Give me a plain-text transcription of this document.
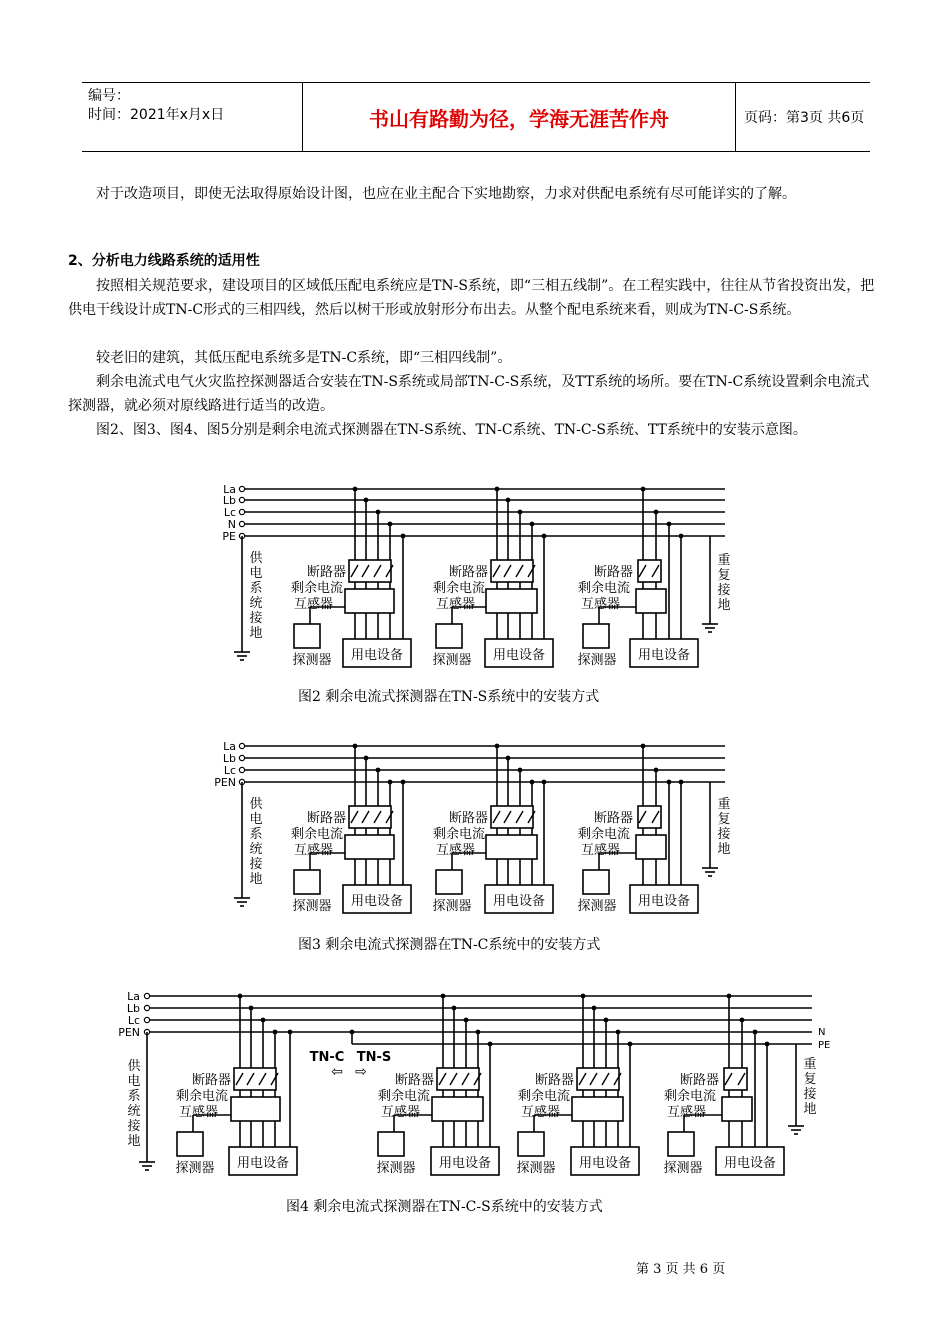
编号：
时间：2021年x月x日	书山有路勤为径，学海无涯苦作舟	页码：第3页 共6页
对于改造项目，即使无法取得原始设计图，也应在业主配合下实地勘察，力求对供配电系统有尽可能详实的了解。
2、分析电力线路系统的适用性
按照相关规范要求，建设项目的区域低压配电系统应是TN-S系统，即“三相五线制”。在工程实践中，往往从节省投资出发，把供电干线设计成TN-C形式的三相四线，然后以树干形或放射形分布出去。从整个配电系统来看，则成为TN-C-S系统。
较老旧的建筑，其低压配电系统多是TN-C系统，即“三相四线制”。
剩余电流式电气火灾监控探测器适合安装在TN-S系统或局部TN-C-S系统，及TT系统的场所。要在TN-C系统设置剩余电流式探测器，就必须对原线路进行适当的改造。
图2、图3、图4、图5分别是剩余电流式探测器在TN-S系统、TN-C系统、TN-C-S系统、TT系统中的安装示意图。
La
Lb
Lc
N
PE
供
电
系
统
接
地
重
复
接
地
断路器
剩余电流
互感器
探测器 用电设备
断路器
剩余电流
互感器
探测器 用电设备
断路器
剩余电流
互感器
探测器 用电设备
La
Lb
Lc
PEN
供
电
系
统
接
地
重
复
接
地
断路器
剩余电流
互感器
探测器 用电设备
断路器
剩余电流
互感器
探测器 用电设备
断路器
剩余电流
互感器
探测器 用电设备
La
Lb
Lc
PEN	N
PE
TN-C TN-S
⇦ ⇨
供
电
系
统
接
地
重
复
接
地
断路器
剩余电流
互感器
探测器 用电设备
断路器
剩余电流
互感器
探测器 用电设备
断路器
剩余电流
互感器
探测器 用电设备
断路器
剩余电流
互感器
探测器 用电设备
图2 剩余电流式探测器在TN-S系统中的安装方式
图3 剩余电流式探测器在TN-C系统中的安装方式
图4 剩余电流式探测器在TN-C-S系统中的安装方式
第 3 页 共 6 页
